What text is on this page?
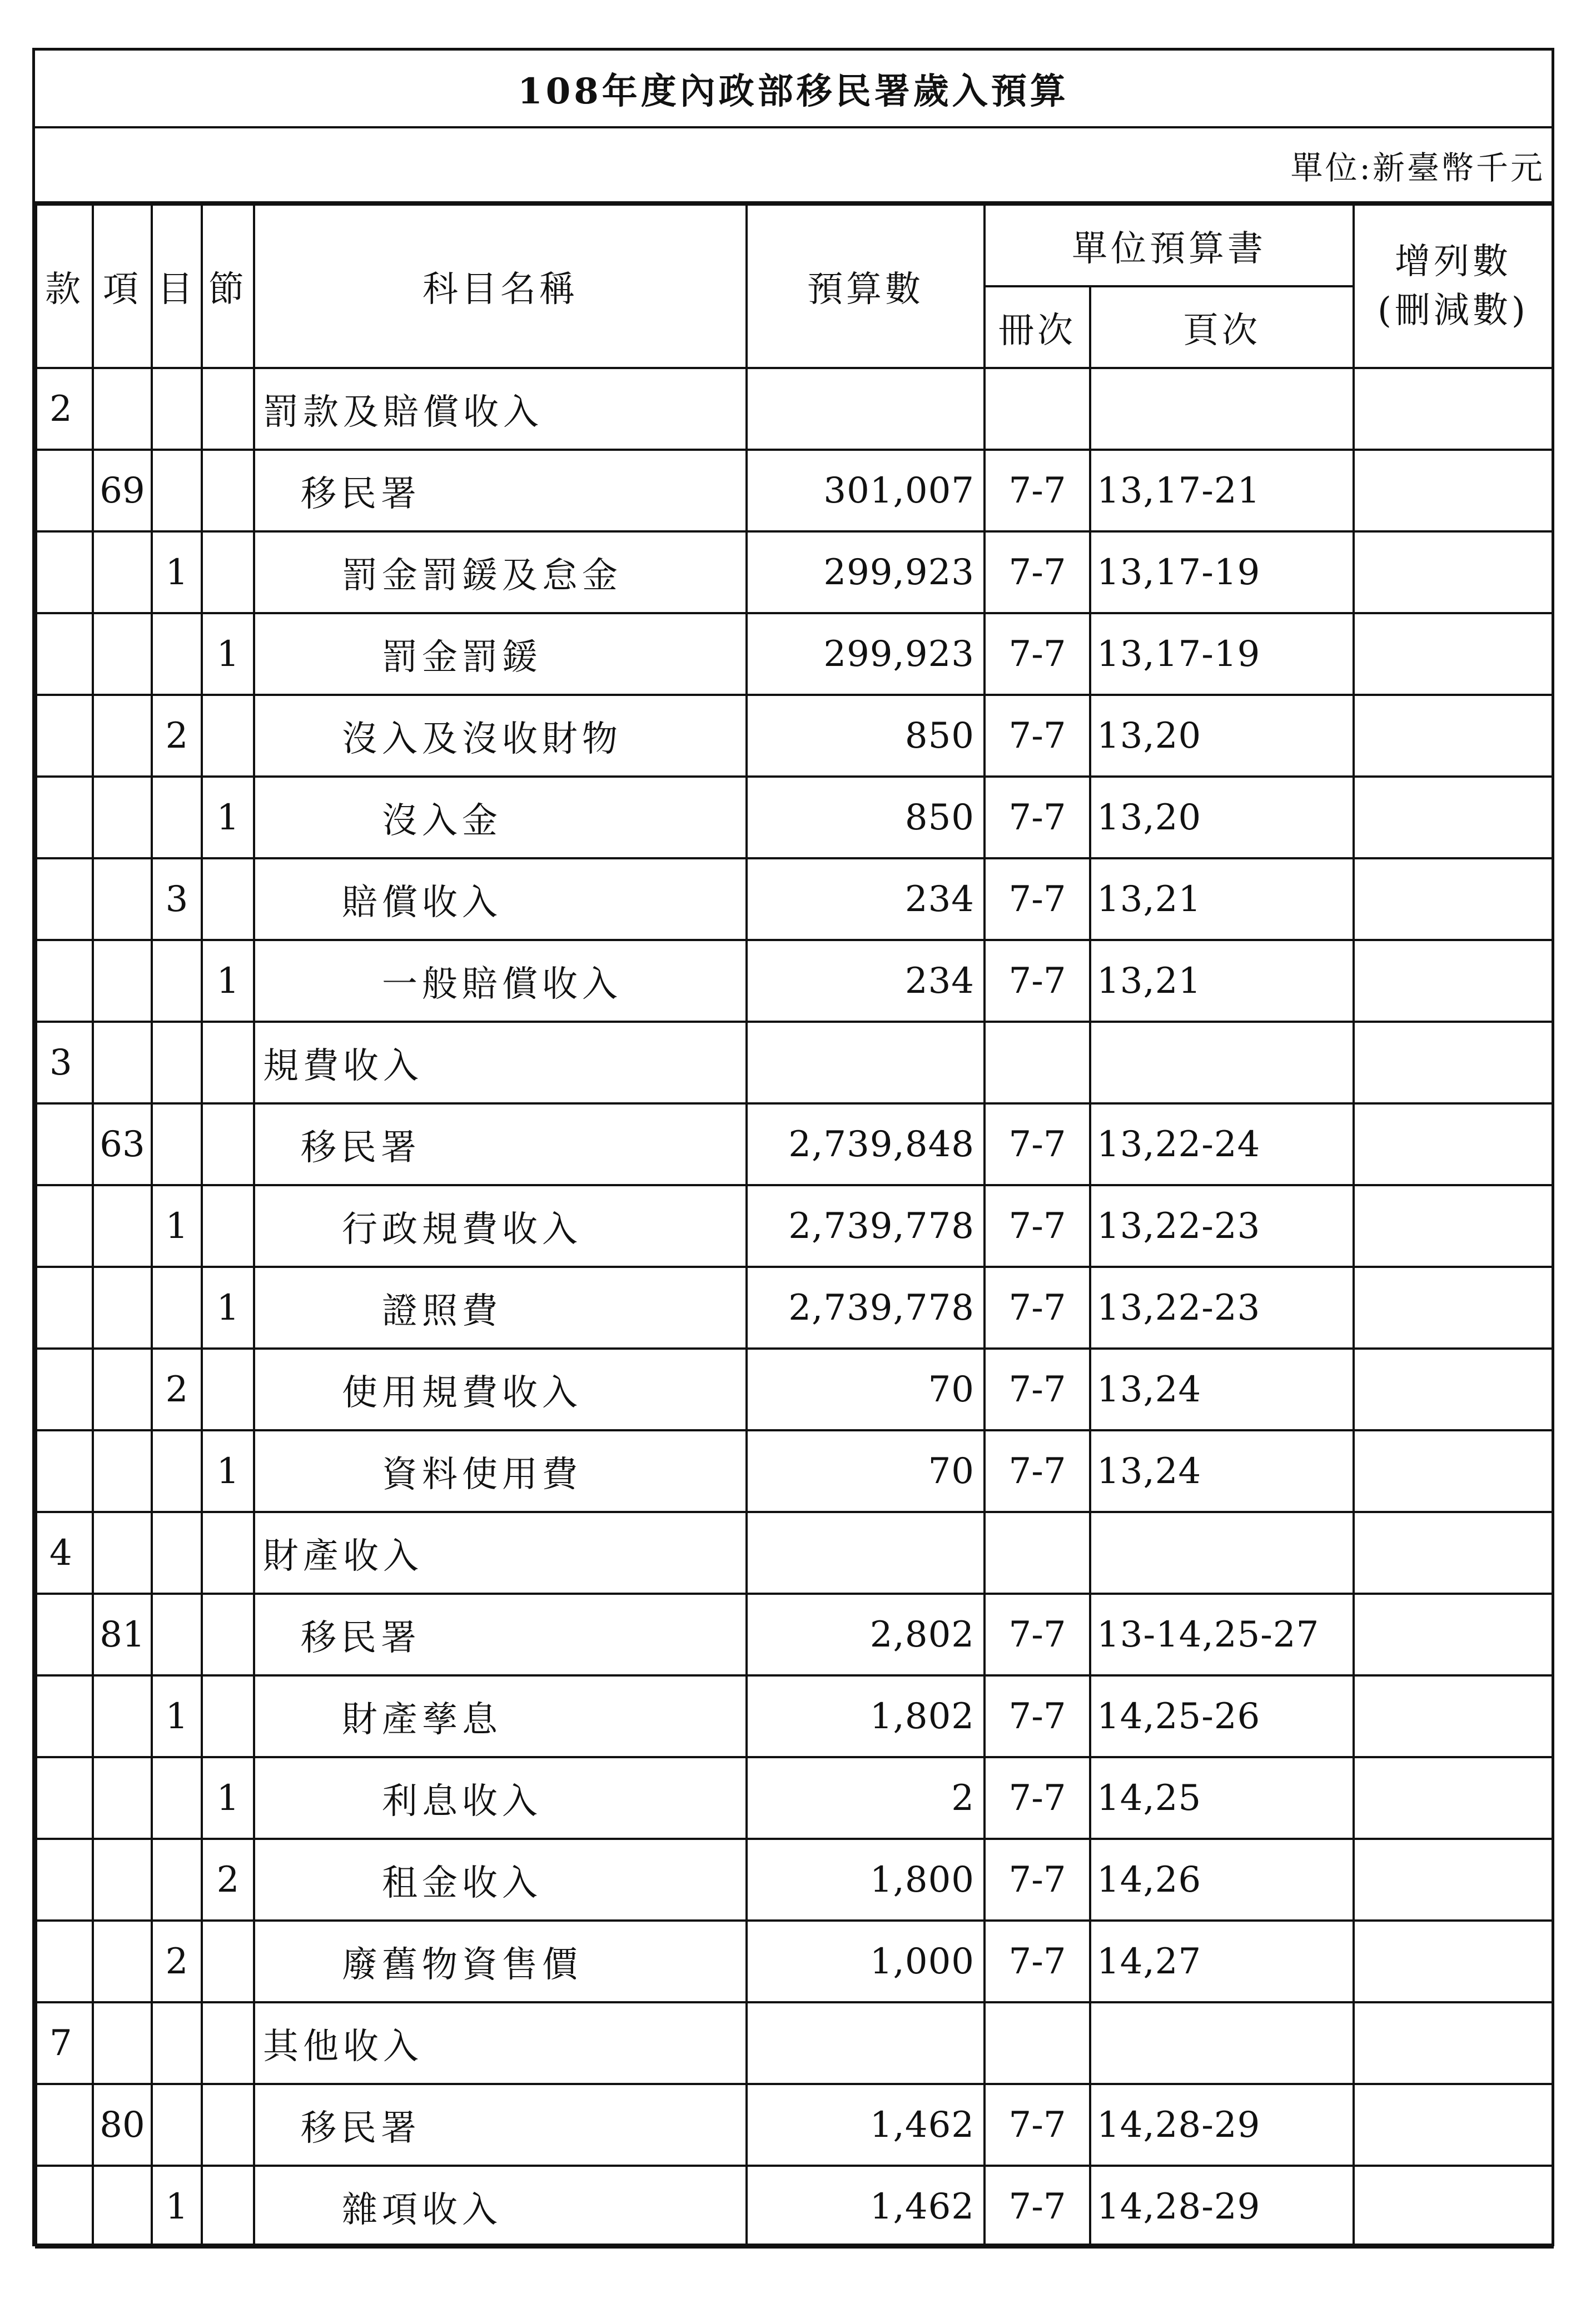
108年度內政部移民署歲入預算
單位:新臺幣千元
款	項	目	節	科目名稱	預算數	單位預算書		增列數
(刪減數)
						冊次	頁次	
2				罰款及賠償收入				
	69			移民署	301,007	7-7	13,17-21	
		1		罰金罰鍰及怠金	299,923	7-7	13,17-19	
			1	罰金罰鍰	299,923	7-7	13,17-19	
		2		沒入及沒收財物	850	7-7	13,20	
			1	沒入金	850	7-7	13,20	
		3		賠償收入	234	7-7	13,21	
			1	一般賠償收入	234	7-7	13,21	
3				規費收入				
	63			移民署	2,739,848	7-7	13,22-24	
		1		行政規費收入	2,739,778	7-7	13,22-23	
			1	證照費	2,739,778	7-7	13,22-23	
		2		使用規費收入	70	7-7	13,24	
			1	資料使用費	70	7-7	13,24	
4				財產收入				
	81			移民署	2,802	7-7	13-14,25-27	
		1		財產孳息	1,802	7-7	14,25-26	
			1	利息收入	2	7-7	14,25	
			2	租金收入	1,800	7-7	14,26	
		2		廢舊物資售價	1,000	7-7	14,27	
7				其他收入				
	80			移民署	1,462	7-7	14,28-29	
		1		雜項收入	1,462	7-7	14,28-29	
